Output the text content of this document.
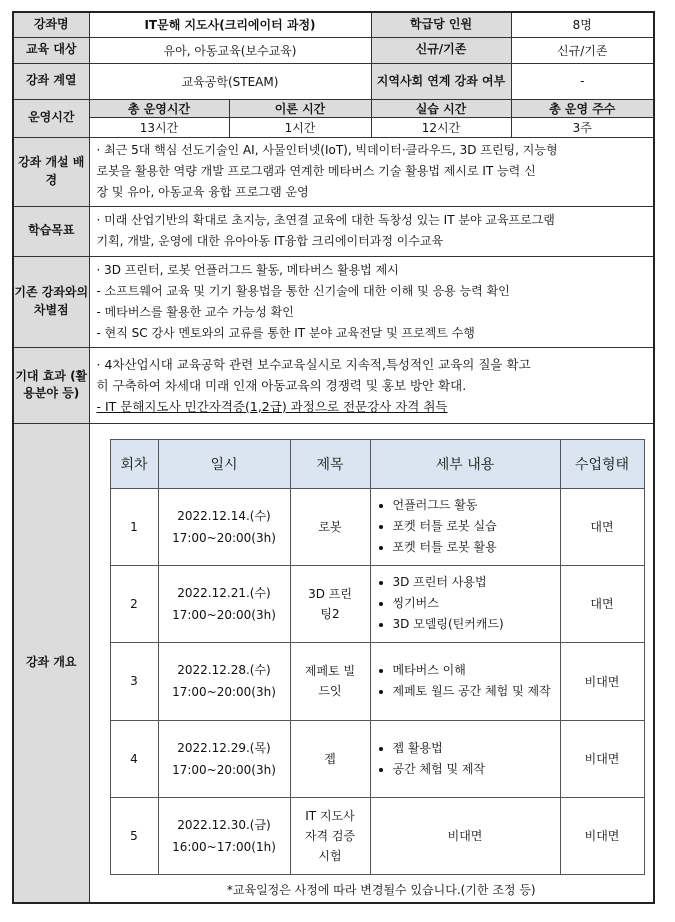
강좌명	IT문해 지도사(크리에이터 과정)	학급당 인원	8명
교육 대상	유아, 아동교육(보수교육)	신규/기존	신규/기존
강좌 계열	교육공학(STEAM)	지역사회 연계 강좌 여부	-
운영시간	총 운영시간	이론 시간	실습 시간	총 운영 주수
13시간	1시간	12시간	3주
강좌 개설 배경	
· 최근 5대 핵심 선도기술인 AI, 사물인터넷(IoT), 빅데이터·클라우드, 3D 프린팅, 지능형
로봇을 활용한 역량 개발 프로그램과 연계한 메타버스 기술 활용법 제시로 IT 능력 신
장 및 유아, 아동교육 융합 프로그램 운영

학습목표	
· 미래 산업기반의 확대로 초지능, 초연결 교육에 대한 독창성 있는 IT 분야 교육프로그램
기획, 개발, 운영에 대한 유아아동 IT융합 크리에이터과정 이수교육

기존 강좌와의 차별점	
· 3D 프린터, 로봇 언플러그드 활동, 메타버스 활용법 제시
- 소프트웨어 교육 및 기기 활용법을 통한 신기술에 대한 이해 및 응용 능력 확인
- 메타버스를 활용한 교수 가능성 확인
- 현직 SC 강사 멘토와의 교류를 통한 IT 분야 교육전달 및 프로젝트 수행

기대 효과 (활용분야 등)	
· 4차산업시대 교육공학 관련 보수교육실시로 지속적,특성적인 교육의 질을 확고
히 구축하여 차세대 미래 인재 아동교육의 경쟁력 및 홍보 방안 확대.
- IT 문해지도사 민간자격증(1,2급) 과정으로 전문강사 자격 취득

강좌 개요	
회차	일시	제목	세부 내용	수업형태
1	
2022.12.14.(수)
17:00~20:00(3h)
	로봇	
• 언플러그드 활동
• 포켓 터틀 로봇 실습
• 포켓 터틀 로봇 활용
	대면
2	
2022.12.21.(수)
17:00~20:00(3h)
	3D 프린팅2	
• 3D 프린터 사용법
• 씽기버스
• 3D 모델링(틴커캐드)
	대면
3	
2022.12.28.(수)
17:00~20:00(3h)
	제페토 빌드잇	
• 메타버스 이해
• 제페토 월드 공간 체험 및 제작
	비대면
4	
2022.12.29.(목)
17:00~20:00(3h)
	젭	
• 젭 활용법
• 공간 체험 및 제작
	비대면
5	
2022.12.30.(금)
16:00~17:00(1h)
	IT 지도사 자격 검증 시험	비대면	비대면
*교육일정은 사정에 따라 변경될수 있습니다.(기한 조정 등)
